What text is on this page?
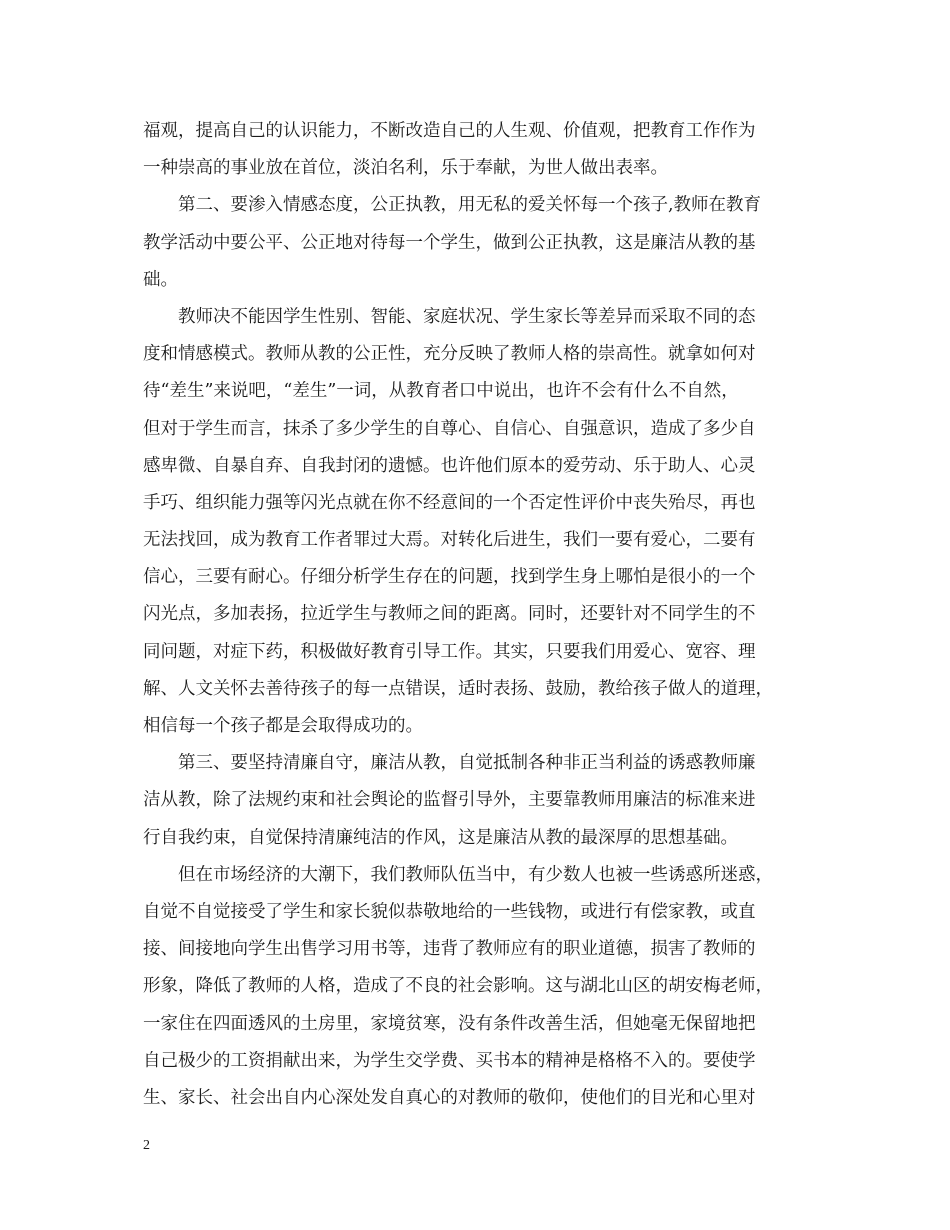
福观，提高自己的认识能力，不断改造自己的人生观、价值观，把教育工作作为
一种崇高的事业放在首位，淡泊名利，乐于奉献，为世人做出表率。
第二、要渗入情感态度，公正执教，用无私的爱关怀每一个孩子,教师在教育
教学活动中要公平、公正地对待每一个学生，做到公正执教，这是廉洁从教的基
础。
教师决不能因学生性别、智能、家庭状况、学生家长等差异而采取不同的态
度和情感模式。教师从教的公正性，充分反映了教师人格的崇高性。就拿如何对
待“差生”来说吧，“差生”一词，从教育者口中说出，也许不会有什么不自然，
但对于学生而言，抹杀了多少学生的自尊心、自信心、自强意识，造成了多少自
感卑微、自暴自弃、自我封闭的遗憾。也许他们原本的爱劳动、乐于助人、心灵
手巧、组织能力强等闪光点就在你不经意间的一个否定性评价中丧失殆尽，再也
无法找回，成为教育工作者罪过大焉。对转化后进生，我们一要有爱心，二要有
信心，三要有耐心。仔细分析学生存在的问题，找到学生身上哪怕是很小的一个
闪光点，多加表扬，拉近学生与教师之间的距离。同时，还要针对不同学生的不
同问题，对症下药，积极做好教育引导工作。其实，只要我们用爱心、宽容、理
解、人文关怀去善待孩子的每一点错误，适时表扬、鼓励，教给孩子做人的道理，
相信每一个孩子都是会取得成功的。
第三、要坚持清廉自守，廉洁从教，自觉抵制各种非正当利益的诱惑教师廉
洁从教，除了法规约束和社会舆论的监督引导外，主要靠教师用廉洁的标准来进
行自我约束，自觉保持清廉纯洁的作风，这是廉洁从教的最深厚的思想基础。
但在市场经济的大潮下，我们教师队伍当中，有少数人也被一些诱惑所迷惑，
自觉不自觉接受了学生和家长貌似恭敬地给的一些钱物，或进行有偿家教，或直
接、间接地向学生出售学习用书等，违背了教师应有的职业道德，损害了教师的
形象，降低了教师的人格，造成了不良的社会影响。这与湖北山区的胡安梅老师，
一家住在四面透风的土房里，家境贫寒，没有条件改善生活，但她毫无保留地把
自己极少的工资捐献出来，为学生交学费、买书本的精神是格格不入的。要使学
生、家长、社会出自内心深处发自真心的对教师的敬仰，使他们的目光和心里对
2
